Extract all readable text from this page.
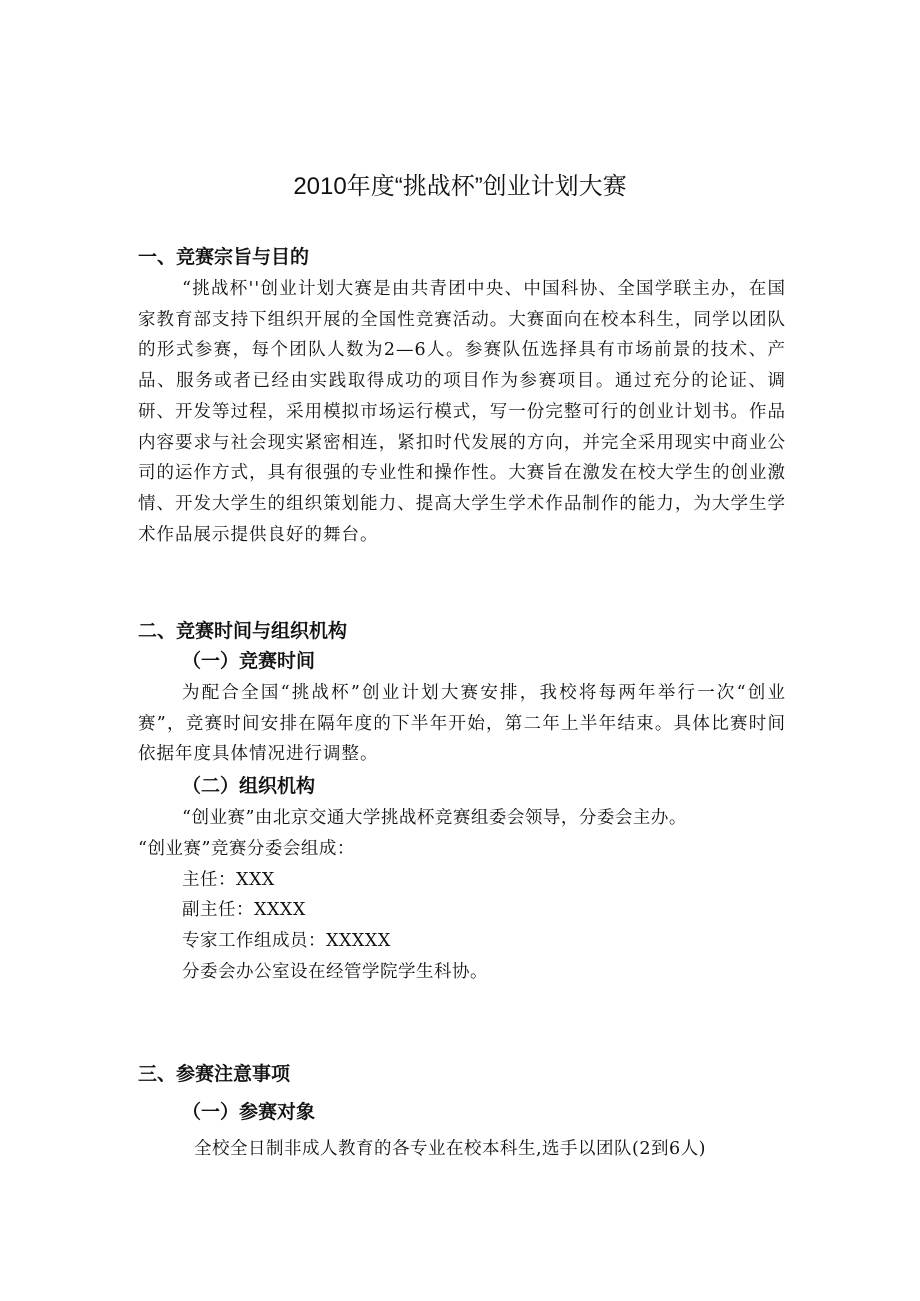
2010年度“挑战杯”创业计划大赛
一、竞赛宗旨与目的

“挑战杯''创业计划大赛是由共青团中央、中国科协、全国学联主办，在国家教育部支持下组织开展的全国性竞赛活动。大赛面向在校本科生，同学以团队的形式参赛，每个团队人数为2—6人。参赛队伍选择具有市场前景的技术、产品、服务或者已经由实践取得成功的项目作为参赛项目。通过充分的论证、调研、开发等过程，采用模拟市场运行模式，写一份完整可行的创业计划书。作品内容要求与社会现实紧密相连，紧扣时代发展的方向，并完全采用现实中商业公司的运作方式，具有很强的专业性和操作性。大赛旨在激发在校大学生的创业激情、开发大学生的组织策划能力、提高大学生学术作品制作的能力，为大学生学术作品展示提供良好的舞台。

二、竞赛时间与组织机构
（一）竞赛时间

为配合全国“挑战杯”创业计划大赛安排，我校将每两年举行一次“创业赛”，竞赛时间安排在隔年度的下半年开始，第二年上半年结束。具体比赛时间依据年度具体情况进行调整。

（二）组织机构

“创业赛”由北京交通大学挑战杯竞赛组委会领导，分委会主办。

“创业赛”竞赛分委会组成：

主任：XXX

副主任：XXXX

专家工作组成员：XXXXX

分委会办公室设在经管学院学生科协。

三、参赛注意事项
（一）参赛对象

全校全日制非成人教育的各专业在校本科生,选手以团队(2到6人)
